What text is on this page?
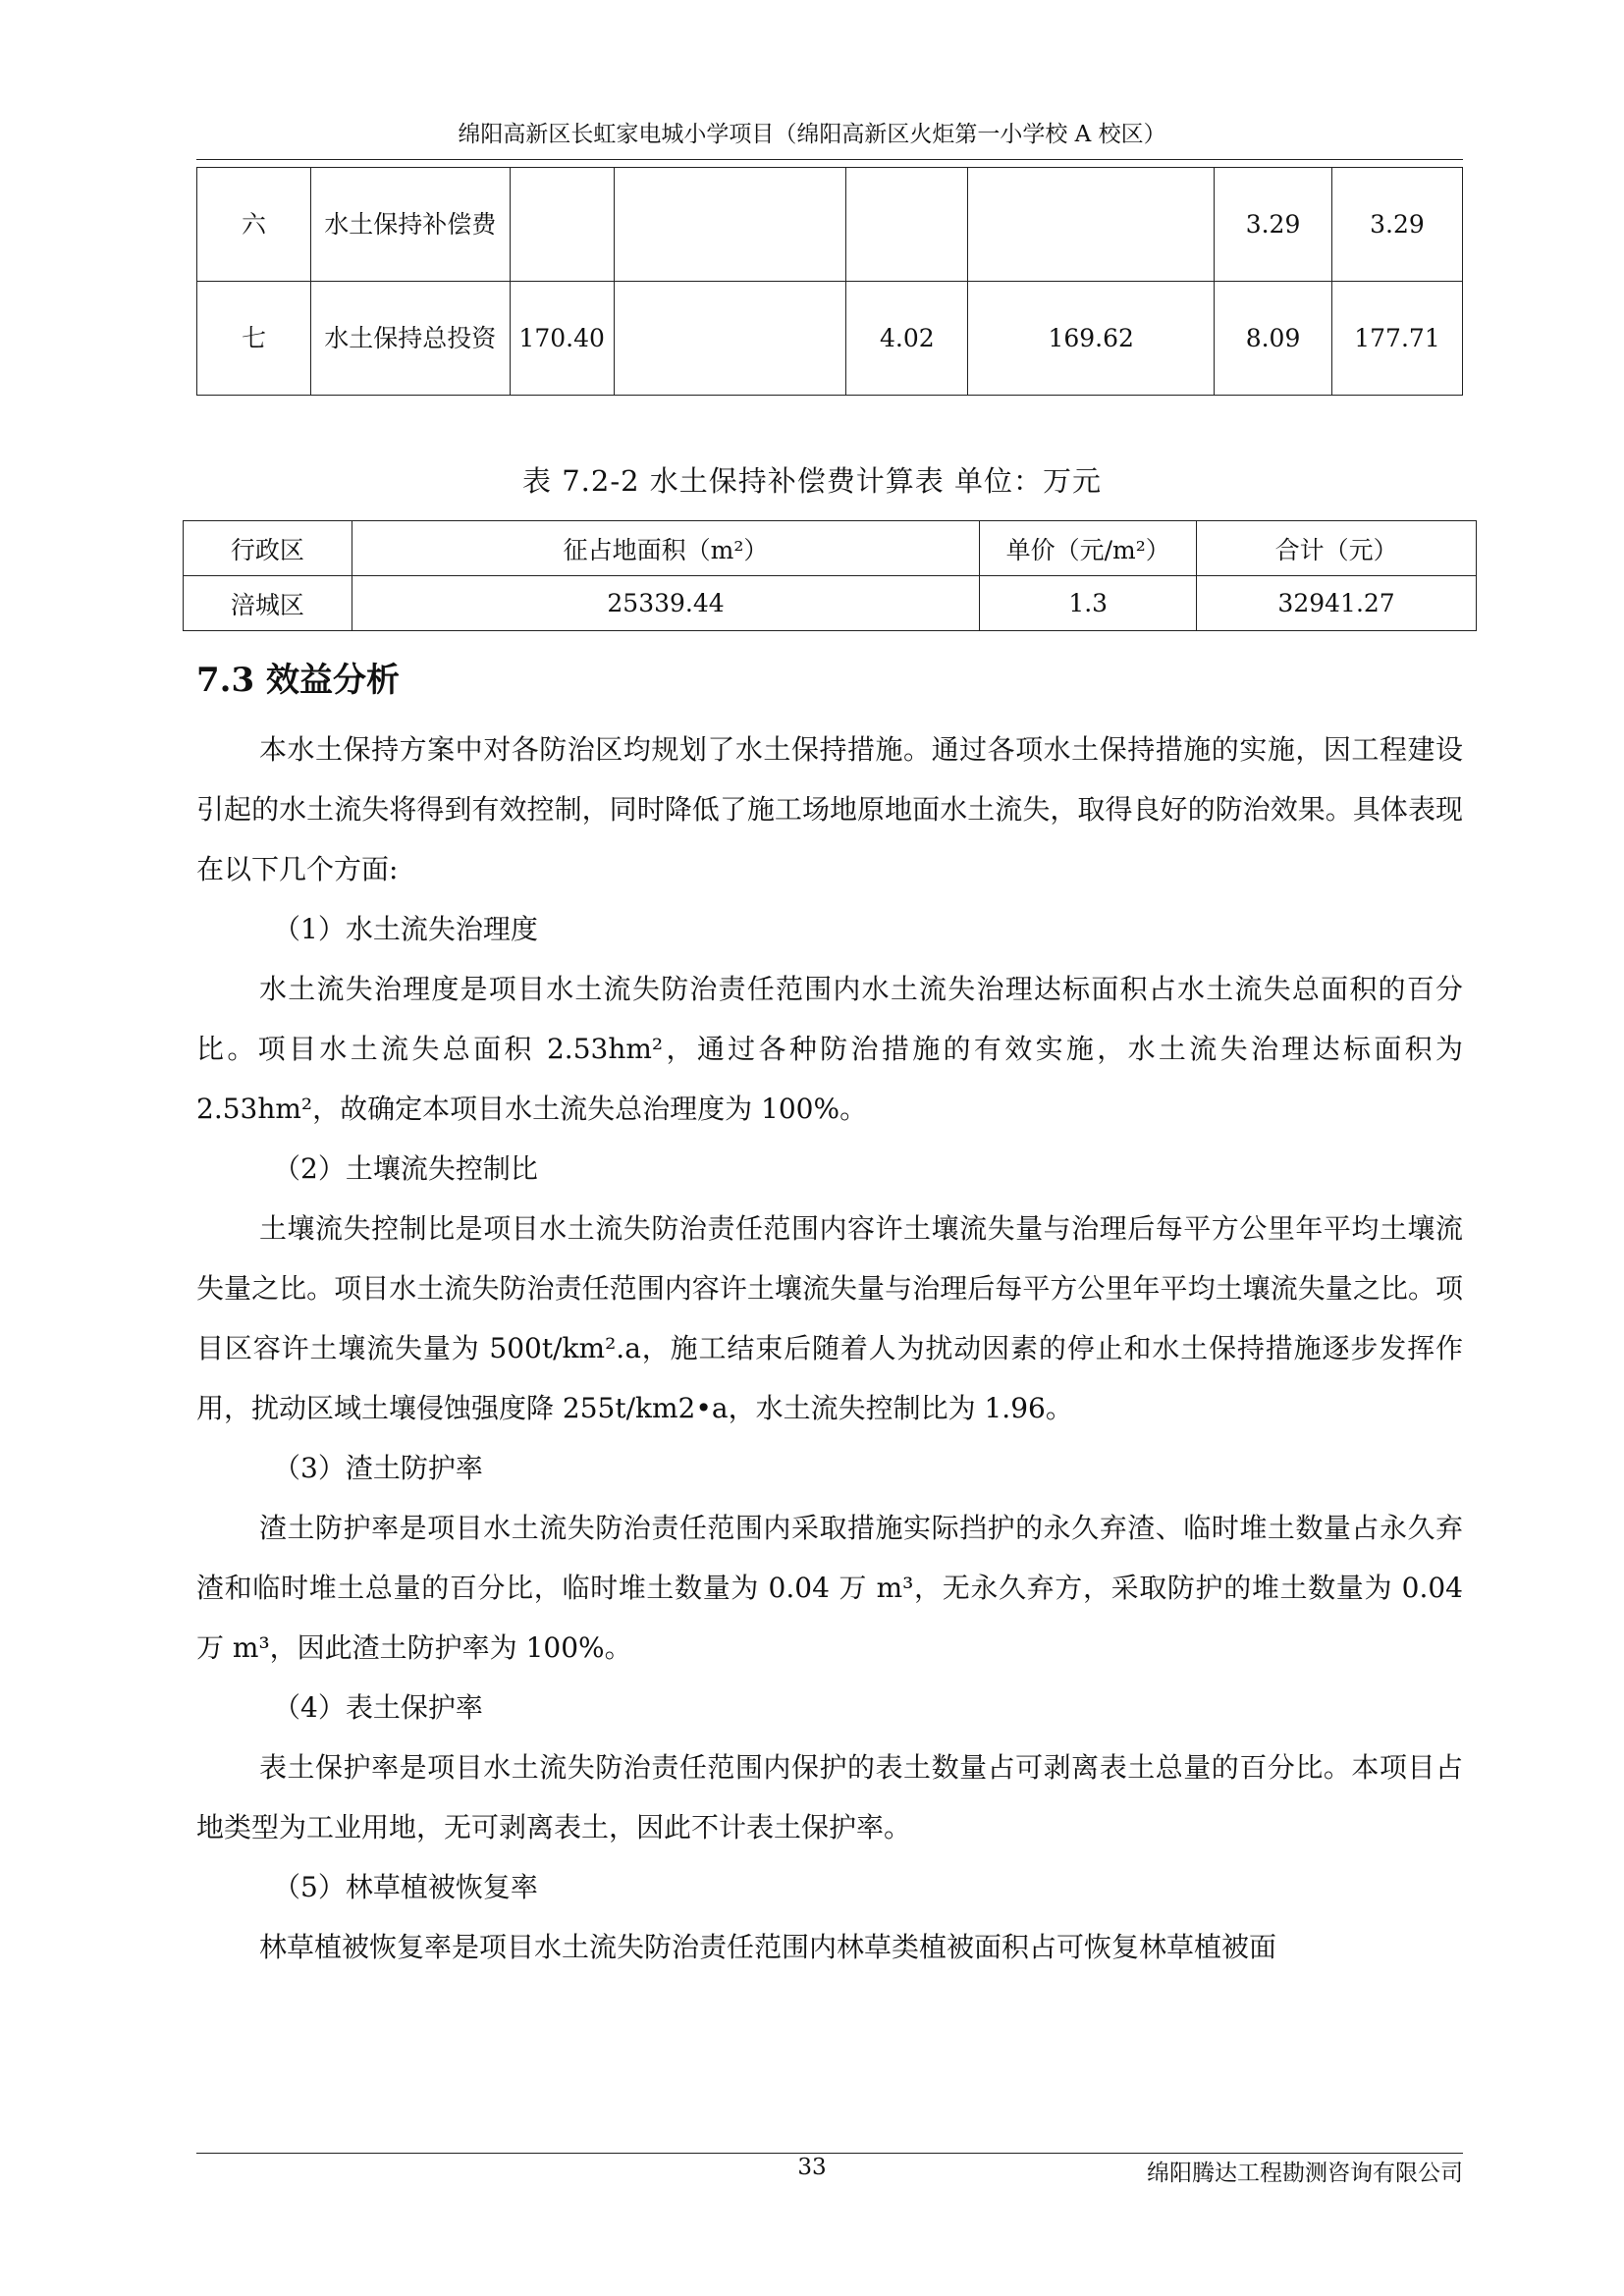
绵阳高新区长虹家电城小学项目（绵阳高新区火炬第一小学校 A 校区）
六	水土保持补偿费					3.29	3.29
七	水土保持总投资	170.40		4.02	169.62	8.09	177.71
表 7.2-2 水土保持补偿费计算表 单位：万元
行政区	征占地面积（m²）	单价（元/m²）	合计（元）
涪城区	25339.44	1.3	32941.27
7.3 效益分析

本水土保持方案中对各防治区均规划了水土保持措施。通过各项水土保持措施的实施，因工程建设引起的水土流失将得到有效控制，同时降低了施工场地原地面水土流失，取得良好的防治效果。具体表现在以下几个方面:

（1）水土流失治理度

水土流失治理度是项目水土流失防治责任范围内水土流失治理达标面积占水土流失总面积的百分比。项目水土流失总面积 2.53hm²，通过各种防治措施的有效实施，水土流失治理达标面积为 2.53hm²，故确定本项目水土流失总治理度为 100%。

（2）土壤流失控制比

土壤流失控制比是项目水土流失防治责任范围内容许土壤流失量与治理后每平方公里年平均土壤流失量之比。项目水土流失防治责任范围内容许土壤流失量与治理后每平方公里年平均土壤流失量之比。项目区容许土壤流失量为 500t/km².a，施工结束后随着人为扰动因素的停止和水土保持措施逐步发挥作用，扰动区域土壤侵蚀强度降 255t/km2•a，水土流失控制比为 1.96。

（3）渣土防护率

渣土防护率是项目水土流失防治责任范围内采取措施实际挡护的永久弃渣、临时堆土数量占永久弃渣和临时堆土总量的百分比，临时堆土数量为 0.04 万 m³，无永久弃方，采取防护的堆土数量为 0.04 万 m³，因此渣土防护率为 100%。

（4）表土保护率

表土保护率是项目水土流失防治责任范围内保护的表土数量占可剥离表土总量的百分比。本项目占地类型为工业用地，无可剥离表土，因此不计表土保护率。

（5）林草植被恢复率

林草植被恢复率是项目水土流失防治责任范围内林草类植被面积占可恢复林草植被面

33	绵阳腾达工程勘测咨询有限公司
